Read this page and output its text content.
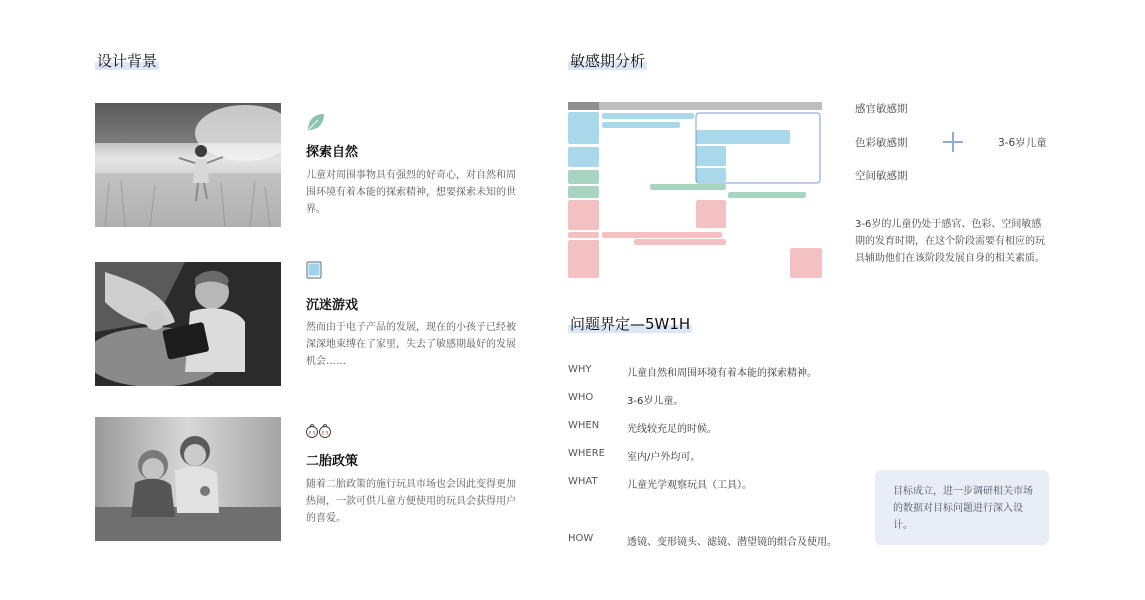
设计背景
探索自然
儿童对周围事物具有强烈的好奇心，对自然和周围环境有着本能的探索精神，想要探索未知的世界。
沉迷游戏
然而由于电子产品的发展，现在的小孩子已经被深深地束缚在了家里，失去了敏感期最好的发展机会……
二胎政策
随着二胎政策的施行玩具市场也会因此变得更加热闹，一款可供儿童方便使用的玩具会获得用户的喜爱。
敏感期分析
感官敏感期
色彩敏感期
空间敏感期
3-6岁儿童
3-6岁的儿童仍处于感官、色彩、空间敏感期的发育时期，在这个阶段需要有相应的玩具辅助他们在该阶段发展自身的相关素质。
问题界定—5W1H
WHY	儿童自然和周围环境有着本能的探索精神。
WHO	3-6岁儿童。
WHEN	光线较充足的时候。
WHERE 室内/户外均可。
WHAT	儿童光学观察玩具（工具）。
HOW	透镜、变形镜头、滤镜、潜望镜的组合及使用。
目标成立，进一步调研相关市场的数据对目标问题进行深入设计。
